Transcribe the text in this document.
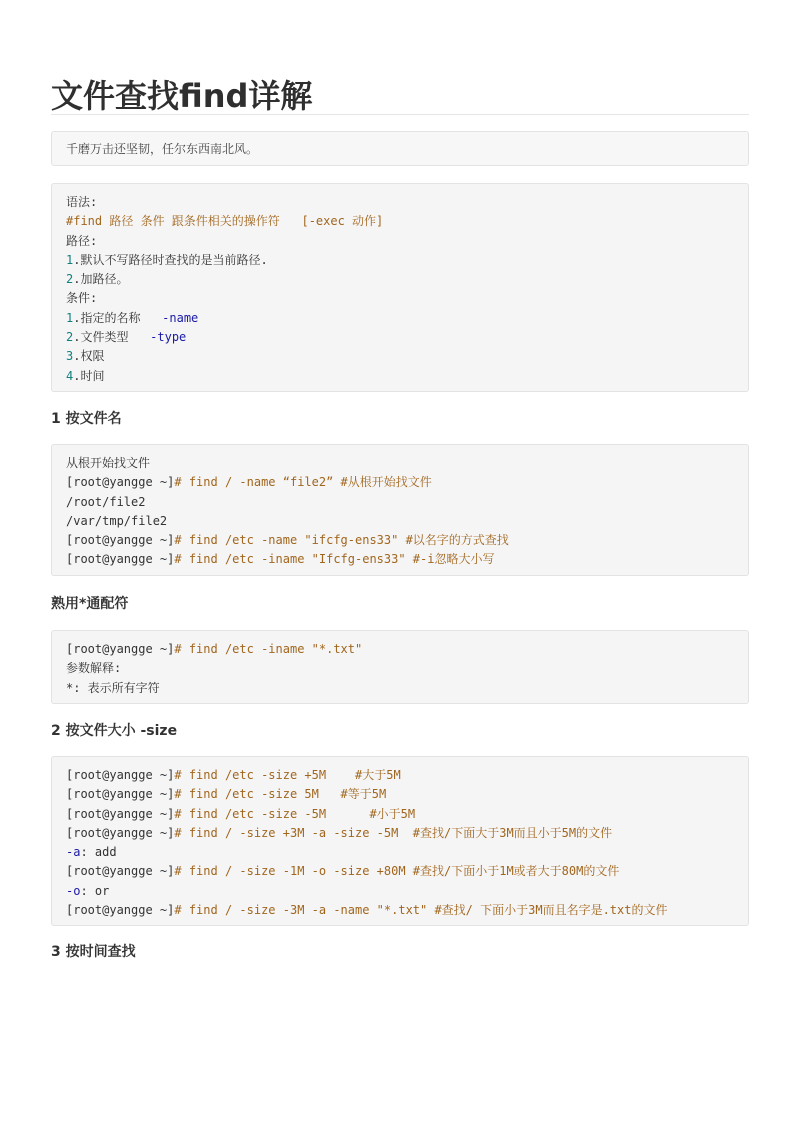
文件查找find详解
千磨万击还坚韧，任尔东西南北风。
语法:
#find 路径 条件 跟条件相关的操作符   [-exec 动作]
路径:
1.默认不写路径时查找的是当前路径.
2.加路径。
条件:
1.指定的名称   -name
2.文件类型   -type
3.权限
4.时间
1 按文件名
从根开始找文件
[root@yangge ~]# find / -name “file2” #从根开始找文件
/root/file2
/var/tmp/file2
[root@yangge ~]# find /etc -name "ifcfg-ens33" #以名字的方式查找
[root@yangge ~]# find /etc -iname "Ifcfg-ens33" #-i忽略大小写
熟用*通配符
[root@yangge ~]# find /etc -iname "*.txt"
参数解释:
*: 表示所有字符
2 按文件大小 -size
[root@yangge ~]# find /etc -size +5M    #大于5M
[root@yangge ~]# find /etc -size 5M   #等于5M
[root@yangge ~]# find /etc -size -5M      #小于5M
[root@yangge ~]# find / -size +3M -a -size -5M  #查找/下面大于3M而且小于5M的文件
-a: add
[root@yangge ~]# find / -size -1M -o -size +80M #查找/下面小于1M或者大于80M的文件
-o: or
[root@yangge ~]# find / -size -3M -a -name "*.txt" #查找/ 下面小于3M而且名字是.txt的文件
3 按时间查找
